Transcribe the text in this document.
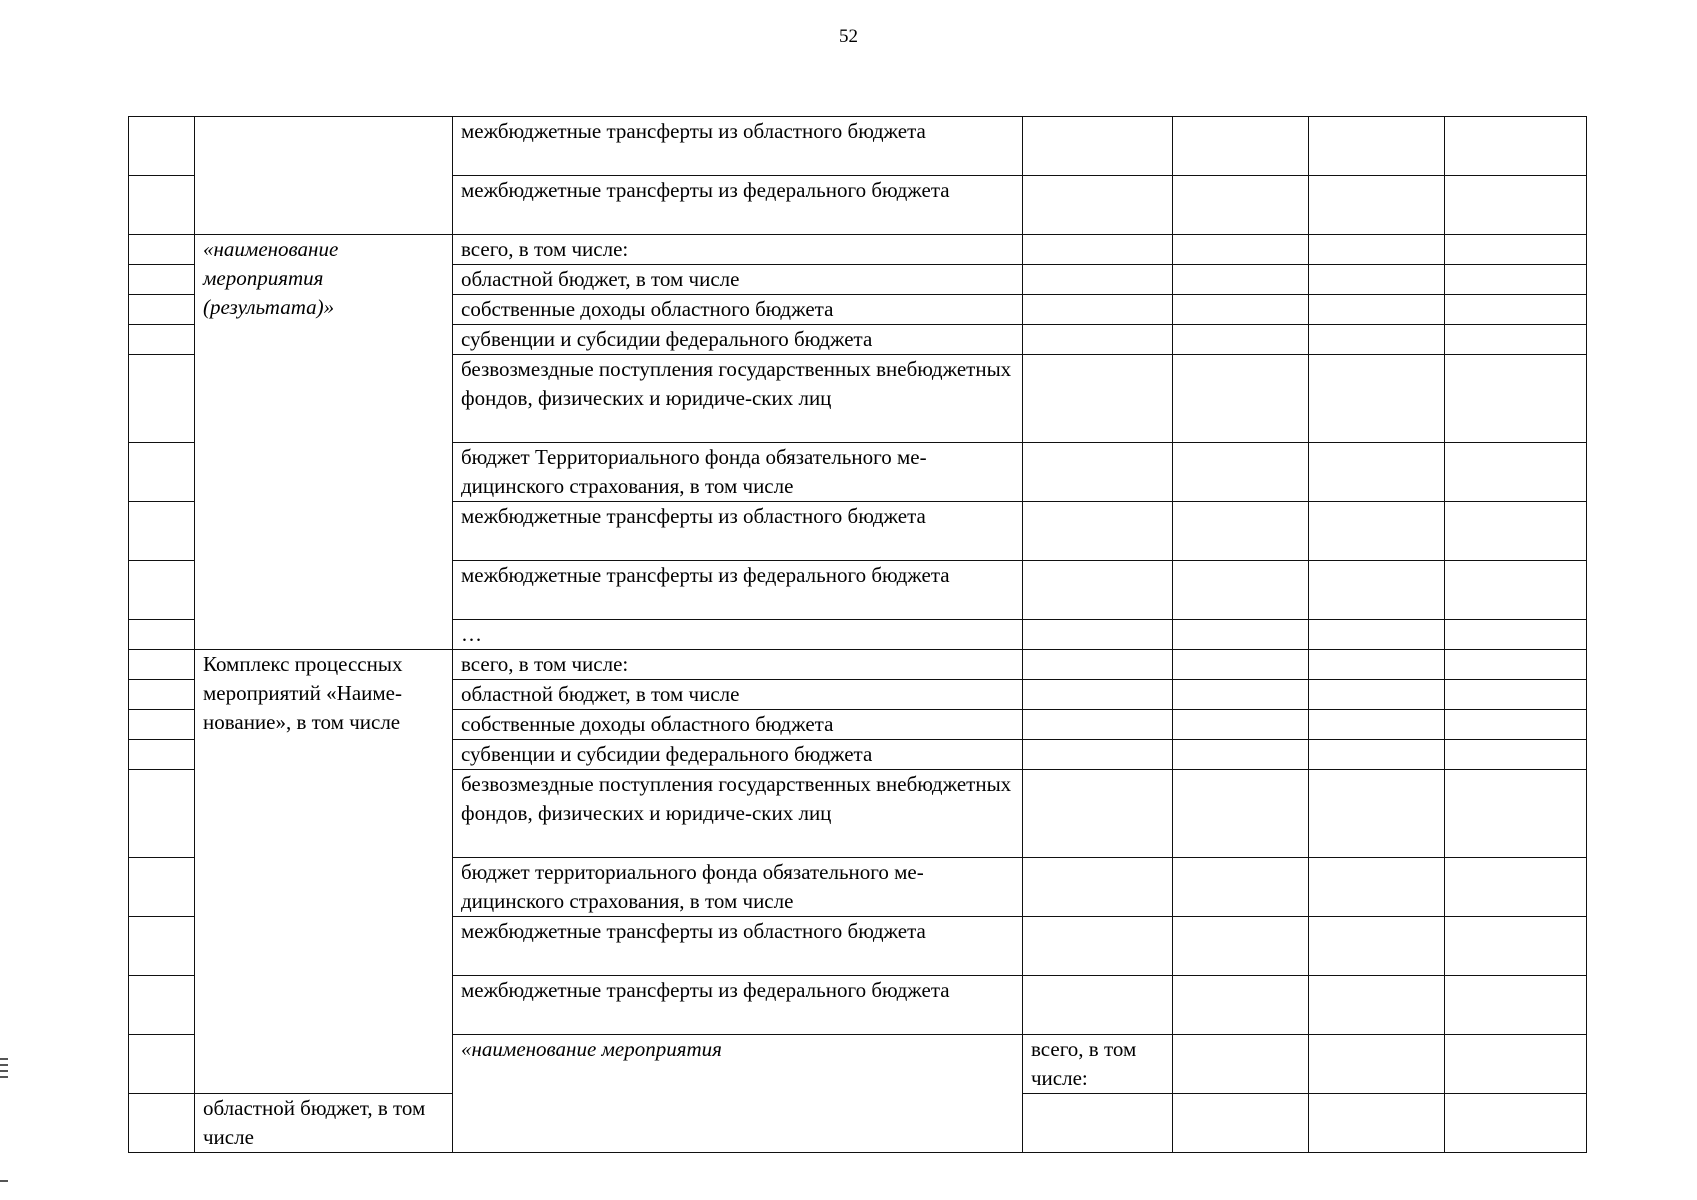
52
		межбюджетные трансферты из областного бюджета					
		межбюджетные трансферты из федерального бюджета					
	«наименование мероприятия (результата)»	всего, в том числе:					
		областной бюджет, в том числе					
		собственные доходы областного бюджета					
		субвенции и субсидии федерального бюджета					
		безвозмездные поступления государственных внебюджетных фондов, физических и юридиче-ских лиц					
		бюджет Территориального фонда обязательного ме-дицинского страхования, в том числе					
		межбюджетные трансферты из областного бюджета					
		межбюджетные трансферты из федерального бюджета					
		…					
	Комплекс процессных мероприятий «Наиме-нование», в том числе	всего, в том числе:					
		областной бюджет, в том числе					
		собственные доходы областного бюджета					
		субвенции и субсидии федерального бюджета					
		безвозмездные поступления государственных внебюджетных фондов, физических и юридиче-ских лиц					
		бюджет территориального фонда обязательного ме-дицинского страхования, в том числе					
		межбюджетные трансферты из областного бюджета					
		межбюджетные трансферты из федерального бюджета					
		«наименование мероприятия	всего, в том числе:				
	областной бюджет, в том числе						
